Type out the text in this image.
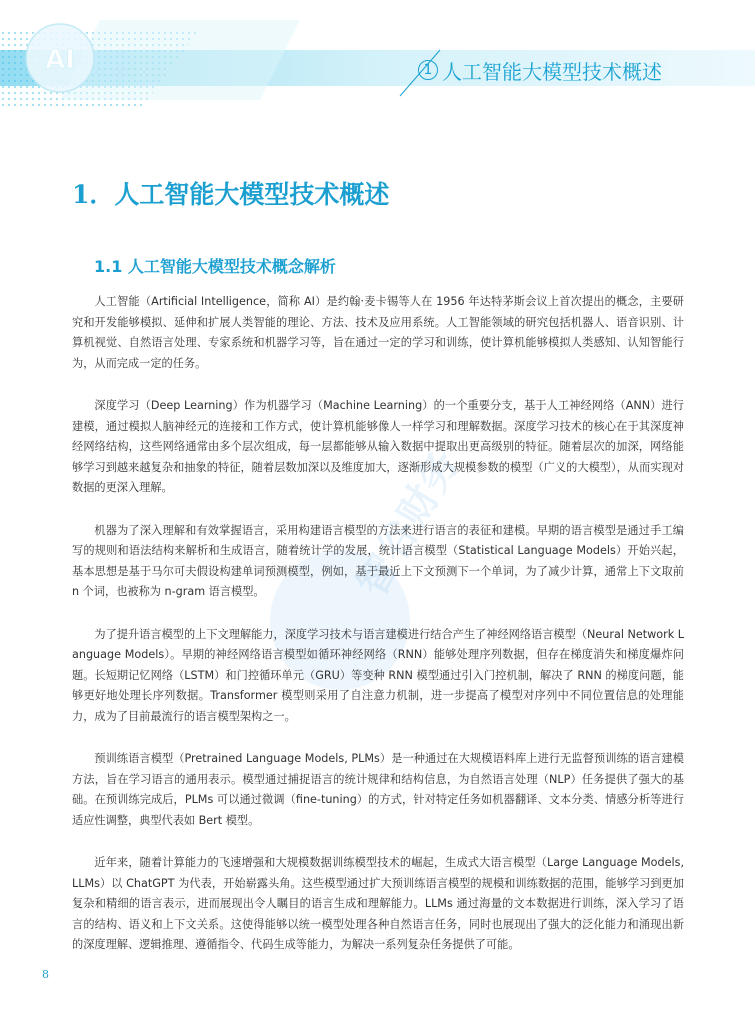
AI	1 人工智能大模型技术概述
智谷财务
1．人工智能大模型技术概述
1.1 人工智能大模型技术概念解析

人工智能（Artificial Intelligence，简称 AI）是约翰·麦卡锡等人在 1956 年达特茅斯会议上首次提出的概念，主要研究和开发能够模拟、延伸和扩展人类智能的理论、方法、技术及应用系统。人工智能领域的研究包括机器人、语音识别、计算机视觉、自然语言处理、专家系统和机器学习等，旨在通过一定的学习和训练，使计算机能够模拟人类感知、认知智能行为，从而完成一定的任务。

深度学习（Deep Learning）作为机器学习（Machine Learning）的一个重要分支，基于人工神经网络（ANN）进行建模，通过模拟人脑神经元的连接和工作方式，使计算机能够像人一样学习和理解数据。深度学习技术的核心在于其深度神经网络结构，这些网络通常由多个层次组成，每一层都能够从输入数据中提取出更高级别的特征。随着层次的加深，网络能够学习到越来越复杂和抽象的特征，随着层数加深以及维度加大，逐渐形成大规模参数的模型（广义的大模型），从而实现对数据的更深入理解。

机器为了深入理解和有效掌握语言，采用构建语言模型的方法来进行语言的表征和建模。早期的语言模型是通过手工编写的规则和语法结构来解析和生成语言，随着统计学的发展，统计语言模型（Statistical Language Models）开始兴起，基本思想是基于马尔可夫假设构建单词预测模型，例如，基于最近上下文预测下一个单词，为了减少计算，通常上下文取前 n 个词，也被称为 n-gram 语言模型。

为了提升语言模型的上下文理解能力，深度学习技术与语言建模进行结合产生了神经网络语言模型（Neural Network Language Models）。早期的神经网络语言模型如循环神经网络（RNN）能够处理序列数据，但存在梯度消失和梯度爆炸问题。长短期记忆网络（LSTM）和门控循环单元（GRU）等变种 RNN 模型通过引入门控机制，解决了 RNN 的梯度问题，能够更好地处理长序列数据。Transformer 模型则采用了自注意力机制，进一步提高了模型对序列中不同位置信息的处理能力，成为了目前最流行的语言模型架构之一。

预训练语言模型（Pretrained Language Models, PLMs）是一种通过在大规模语料库上进行无监督预训练的语言建模方法，旨在学习语言的通用表示。模型通过捕捉语言的统计规律和结构信息，为自然语言处理（NLP）任务提供了强大的基础。在预训练完成后，PLMs 可以通过微调（fine-tuning）的方式，针对特定任务如机器翻译、文本分类、情感分析等进行适应性调整，典型代表如 Bert 模型。

近年来，随着计算能力的飞速增强和大规模数据训练模型技术的崛起，生成式大语言模型（Large Language Models, LLMs）以 ChatGPT 为代表，开始崭露头角。这些模型通过扩大预训练语言模型的规模和训练数据的范围，能够学习到更加复杂和精细的语言表示，进而展现出令人瞩目的语言生成和理解能力。LLMs 通过海量的文本数据进行训练，深入学习了语言的结构、语义和上下文关系。这使得能够以统一模型处理各种自然语言任务，同时也展现出了强大的泛化能力和涌现出新的深度理解、逻辑推理、遵循指令、代码生成等能力，为解决一系列复杂任务提供了可能。

8
